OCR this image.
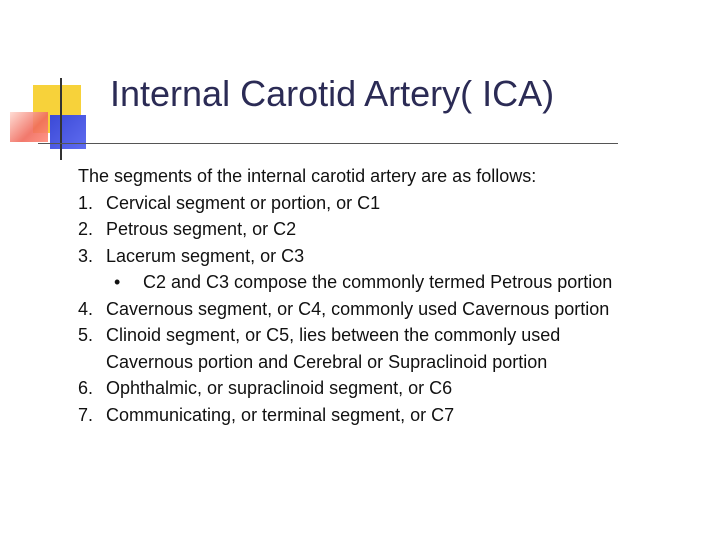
Internal Carotid Artery( ICA)
The segments of the internal carotid artery are as follows:
1. Cervical segment or portion, or C1
2. Petrous segment, or C2
3. Lacerum segment, or C3
• C2 and C3 compose the commonly termed Petrous portion
4. Cavernous segment, or C4, commonly used Cavernous portion
5. Clinoid segment, or C5, lies between the commonly used
Cavernous portion and Cerebral or Supraclinoid portion
6. Ophthalmic, or supraclinoid segment, or C6
7. Communicating, or terminal segment, or C7
